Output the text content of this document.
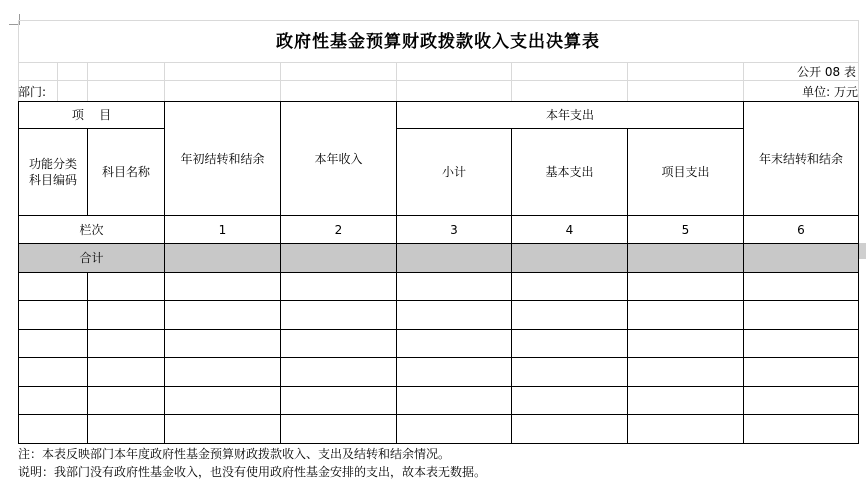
政府性基金预算财政拨款收入支出决算表
公开 08 表
部门:	单位: 万元
项    目		年初结转和结余	本年收入	本年支出			年末结转和结余
功能分类
科目编码	科目名称			小计	基本支出	项目支出	
栏次		1	2	3	4	5	6
合计							

注：本表反映部门本年度政府性基金预算财政拨款收入、支出及结转和结余情况。
说明：我部门没有政府性基金收入，也没有使用政府性基金安排的支出，故本表无数据。
